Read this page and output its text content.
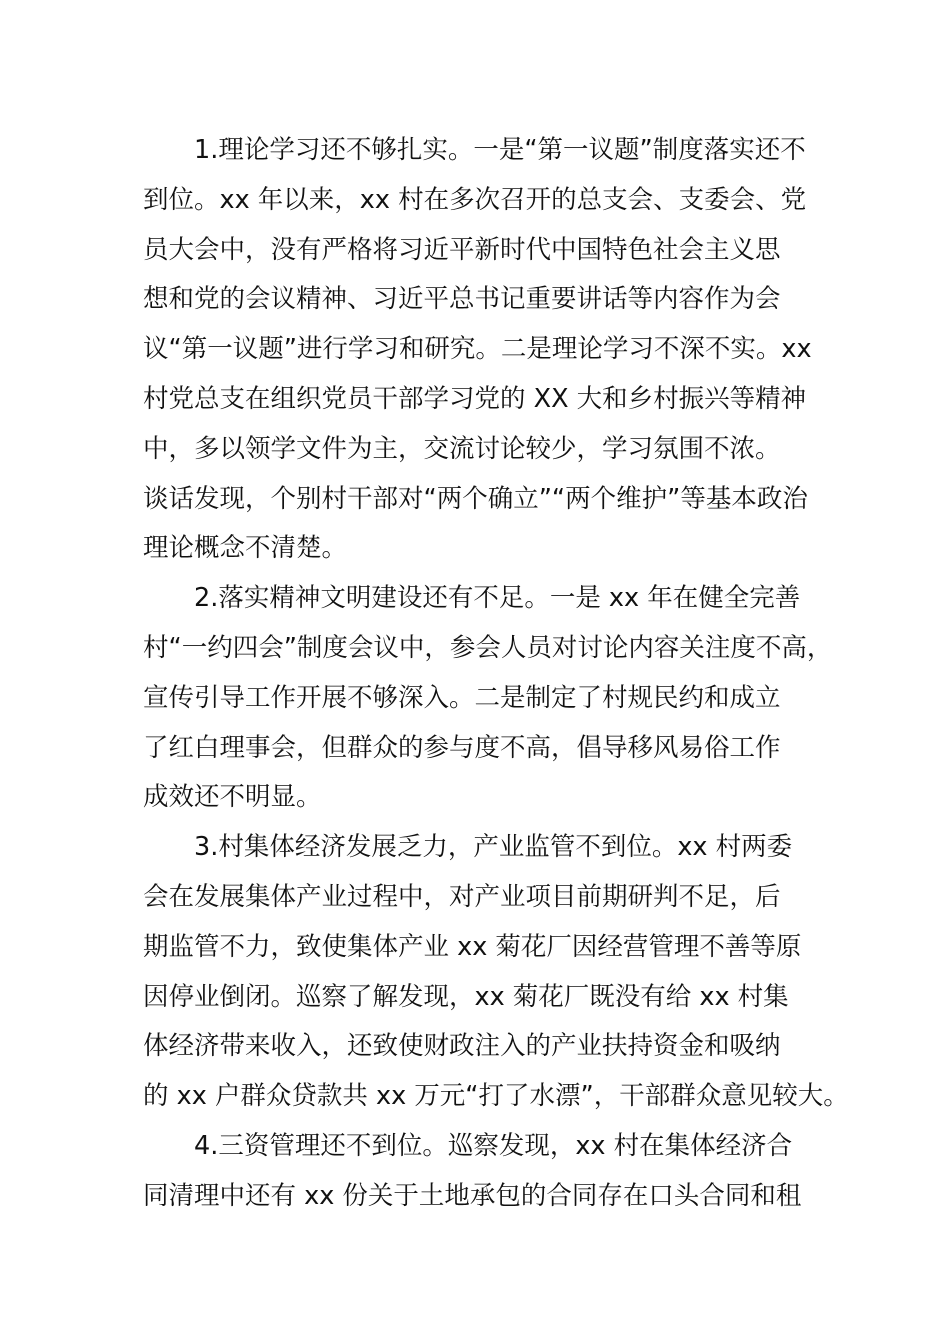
1.理论学习还不够扎实。一是“第一议题”制度落实还不
到位。xx 年以来，xx 村在多次召开的总支会、支委会、党
员大会中，没有严格将习近平新时代中国特色社会主义思
想和党的会议精神、习近平总书记重要讲话等内容作为会
议“第一议题”进行学习和研究。二是理论学习不深不实。xx
村党总支在组织党员干部学习党的 XX 大和乡村振兴等精神
中，多以领学文件为主，交流讨论较少，学习氛围不浓。
谈话发现，个别村干部对“两个确立”“两个维护”等基本政治
理论概念不清楚。
2.落实精神文明建设还有不足。一是 xx 年在健全完善
村“一约四会”制度会议中，参会人员对讨论内容关注度不高，
宣传引导工作开展不够深入。二是制定了村规民约和成立
了红白理事会，但群众的参与度不高，倡导移风易俗工作
成效还不明显。
3.村集体经济发展乏力，产业监管不到位。xx 村两委
会在发展集体产业过程中，对产业项目前期研判不足，后
期监管不力，致使集体产业 xx 菊花厂因经营管理不善等原
因停业倒闭。巡察了解发现，xx 菊花厂既没有给 xx 村集
体经济带来收入，还致使财政注入的产业扶持资金和吸纳
的 xx 户群众贷款共 xx 万元“打了水漂”，干部群众意见较大。
4.三资管理还不到位。巡察发现，xx 村在集体经济合
同清理中还有 xx 份关于土地承包的合同存在口头合同和租
